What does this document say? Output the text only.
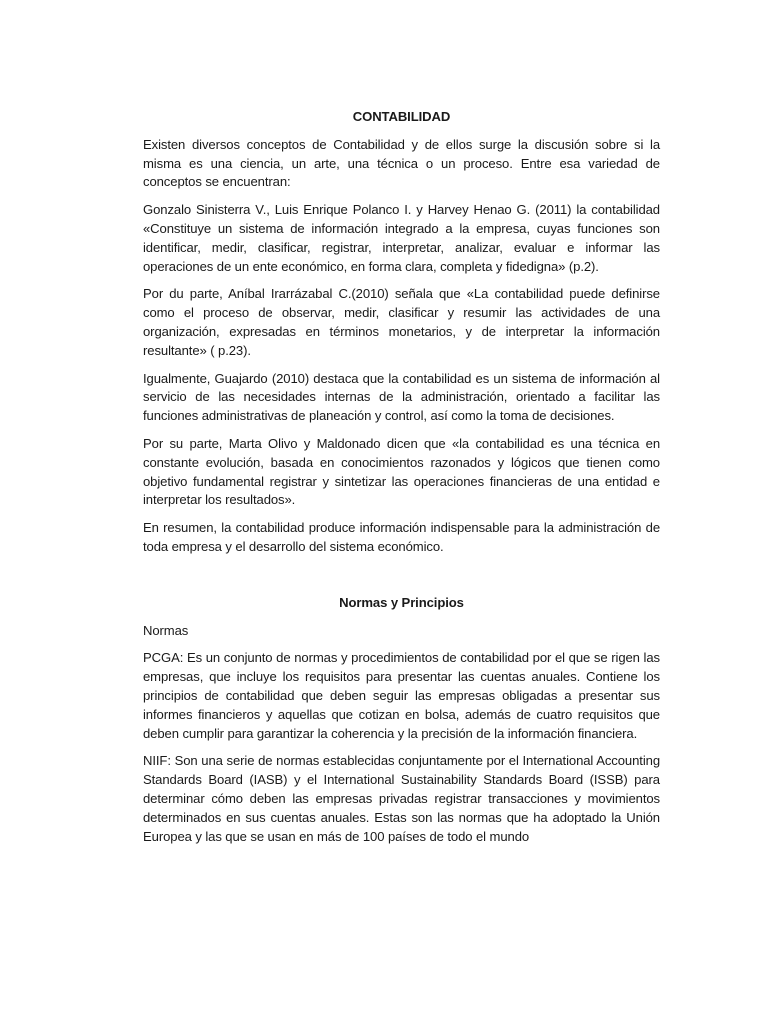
CONTABILIDAD

Existen diversos conceptos de Contabilidad y de ellos surge la discusión sobre si la misma es una ciencia, un arte, una técnica o un proceso. Entre esa variedad de conceptos se encuentran:

Gonzalo Sinisterra V., Luis Enrique Polanco I. y Harvey Henao G. (2011) la contabilidad «Constituye un sistema de información integrado a la empresa, cuyas funciones son identificar, medir, clasificar, registrar, interpretar, analizar, evaluar e informar las operaciones de un ente económico, en forma clara, completa y fidedigna» (p.2).

Por du parte, Aníbal Irarrázabal C.(2010) señala que «La contabilidad puede definirse como el proceso de observar, medir, clasificar y resumir las actividades de una organización, expresadas en términos monetarios, y de interpretar la información resultante» ( p.23).

Igualmente, Guajardo (2010) destaca que la contabilidad es un sistema de información al servicio de las necesidades internas de la administración, orientado a facilitar las funciones administrativas de planeación y control, así como la toma de decisiones.

Por su parte, Marta Olivo y Maldonado dicen que «la contabilidad es una técnica en constante evolución, basada en conocimientos razonados y lógicos que tienen como objetivo fundamental registrar y sintetizar las operaciones financieras de una entidad e interpretar los resultados».

En resumen, la contabilidad produce información indispensable para la administración de toda empresa y el desarrollo del sistema económico.

Normas y Principios

Normas

PCGA: Es un conjunto de normas y procedimientos de contabilidad por el que se rigen las empresas, que incluye los requisitos para presentar las cuentas anuales. Contiene los principios de contabilidad que deben seguir las empresas obligadas a presentar sus informes financieros y aquellas que cotizan en bolsa, además de cuatro requisitos que deben cumplir para garantizar la coherencia y la precisión de la información financiera.

NIIF: Son una serie de normas establecidas conjuntamente por el International Accounting Standards Board (IASB) y el International Sustainability Standards Board (ISSB) para determinar cómo deben las empresas privadas registrar transacciones y movimientos determinados en sus cuentas anuales. Estas son las normas que ha adoptado la Unión Europea y las que se usan en más de 100 países de todo el mundo
